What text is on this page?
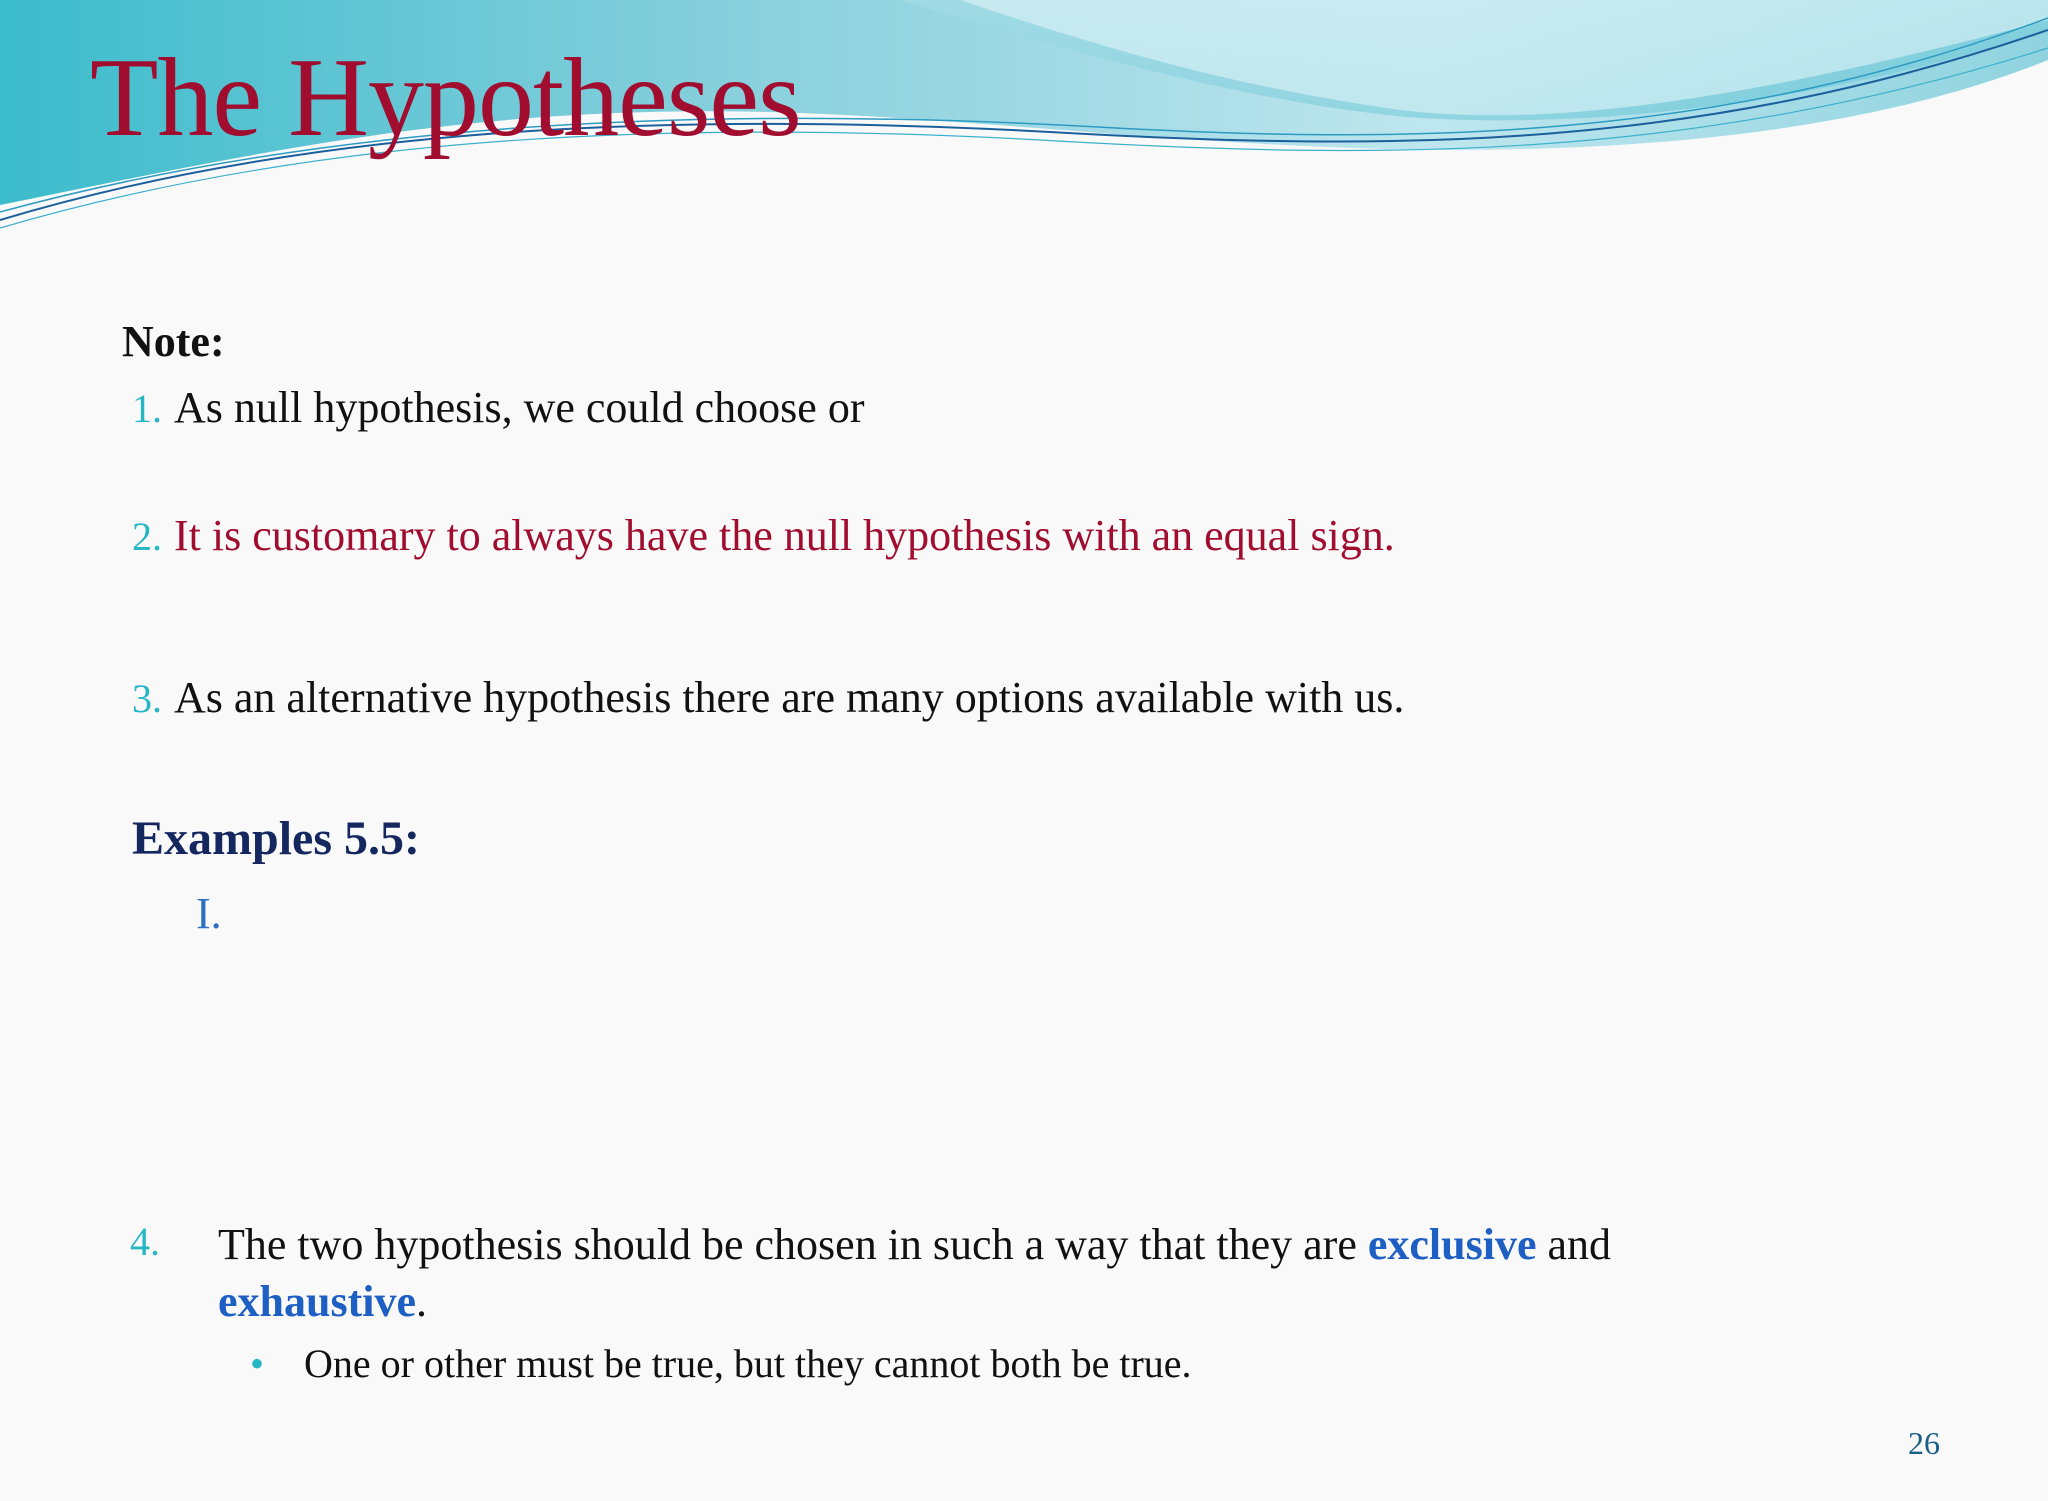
The Hypotheses
Note:
1. As null hypothesis, we could choose or
2. It is customary to always have the null hypothesis with an equal sign.
3. As an alternative hypothesis there are many options available with us.
Examples 5.5:
I.
4. The two hypothesis should be chosen in such a way that they are exclusive and exhaustive.
• One or other must be true, but they cannot both be true.
26
